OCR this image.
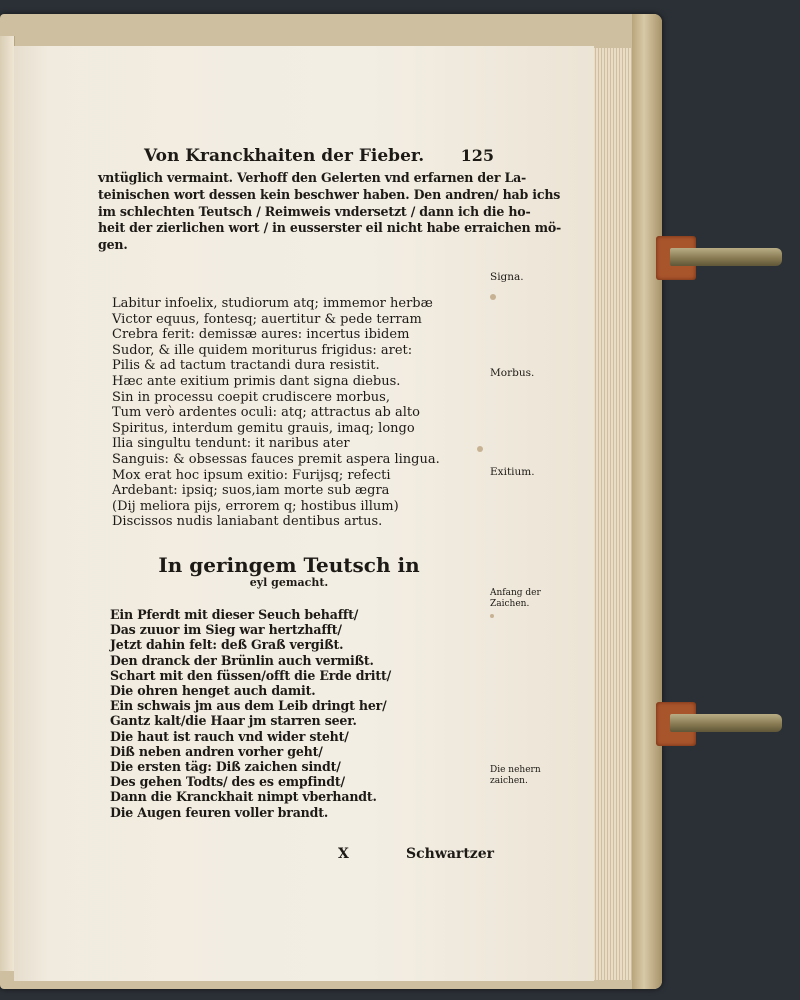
Von Kranckhaiten der Fieber. 125
vntüglich vermaint. Verhoff den Gelerten vnd erfarnen der La-
teinischen wort dessen kein beschwer haben. Den andren/ hab ichs
im schlechten Teutsch / Reimweis vndersetzt / dann ich die ho-
heit der zierlichen wort / in eusserster eil nicht habe erraichen mö-
gen.
Labitur infoelix, studiorum atq; immemor herbæ
Victor equus, fontesq; auertitur & pede terram
Crebra ferit: demissæ aures: incertus ibidem
Sudor, & ille quidem moriturus frigidus: aret:
Pilis & ad tactum tractandi dura resistit.
Hæc ante exitium primis dant signa diebus.
Sin in processu coepit crudiscere morbus,
Tum verò ardentes oculi: atq; attractus ab alto
Spiritus, interdum gemitu grauis, imaq; longo
Ilia singultu tendunt: it naribus ater
Sanguis: & obsessas fauces premit aspera lingua.
Mox erat hoc ipsum exitio: Furijsq; refecti
Ardebant: ipsiq; suos,iam morte sub ægra
(Dij meliora pijs, errorem q; hostibus illum)
Discissos nudis laniabant dentibus artus.
Signa.
Morbus.
Exitium.
In geringem Teutsch in
eyl gemacht.
Ein Pferdt mit dieser Seuch behafft/
Das zuuor im Sieg war hertzhafft/
Jetzt dahin felt: deß Graß vergißt.
Den dranck der Brünlin auch vermißt.
Schart mit den füssen/offt die Erde dritt/
Die ohren henget auch damit.
Ein schwais jm aus dem Leib dringt her/
Gantz kalt/die Haar jm starren seer.
Die haut ist rauch vnd wider steht/
Diß neben andren vorher geht/
Die ersten täg: Diß zaichen sindt/
Des gehen Todts/ des es empfindt/
Dann die Kranckhait nimpt vberhandt.
Die Augen feuren voller brandt.
Anfang der
Zaichen.
Die nehern
zaichen.
X	Schwartzer
